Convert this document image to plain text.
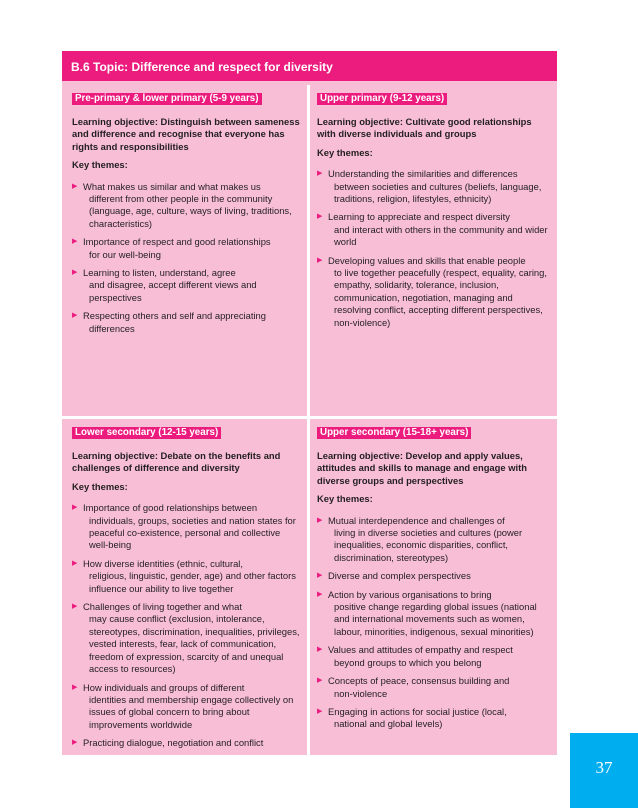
B.6 Topic: Difference and respect for diversity
Pre-primary & lower primary (5-9 years)
Learning objective: Distinguish between sameness and difference and recognise that everyone has rights and responsibilities
Key themes:
▶ What makes us similar and what makes us
different from other people in the community (language, age, culture, ways of living, traditions, characteristics)
▶ Importance of respect and good relationships
for our well-being
▶ Learning to listen, understand, agree
and disagree, accept different views and perspectives
▶ Respecting others and self and appreciating
differences
Upper primary (9-12 years)
Learning objective: Cultivate good relationships with diverse individuals and groups
Key themes:
▶ Understanding the similarities and differences
between societies and cultures (beliefs, language, traditions, religion, lifestyles, ethnicity)
▶ Learning to appreciate and respect diversity
and interact with others in the community and wider world
▶ Developing values and skills that enable people
to live together peacefully (respect, equality, caring, empathy, solidarity, tolerance, inclusion, communication, negotiation, managing and resolving conflict, accepting different perspectives, non-violence)
Lower secondary (12-15 years)
Learning objective: Debate on the benefits and challenges of difference and diversity
Key themes:
▶ Importance of good relationships between
individuals, groups, societies and nation states for peaceful co-existence, personal and collective well-being
▶ How diverse identities (ethnic, cultural,
religious, linguistic, gender, age) and other factors influence our ability to live together
▶ Challenges of living together and what
may cause conflict (exclusion, intolerance, stereotypes, discrimination, inequalities, privileges, vested interests, fear, lack of communication, freedom of expression, scarcity of and unequal access to resources)
▶ How individuals and groups of different
identities and membership engage collectively on issues of global concern to bring about improvements worldwide
▶ Practicing dialogue, negotiation and conflict
Upper secondary (15-18+ years)
Learning objective: Develop and apply values, attitudes and skills to manage and engage with diverse groups and perspectives
Key themes:
▶ Mutual interdependence and challenges of
living in diverse societies and cultures (power inequalities, economic disparities, conflict, discrimination, stereotypes)
▶ Diverse and complex perspectives
▶ Action by various organisations to bring
positive change regarding global issues (national and international movements such as women, labour, minorities, indigenous, sexual minorities)
▶ Values and attitudes of empathy and respect
beyond groups to which you belong
▶ Concepts of peace, consensus building and
non-violence
▶ Engaging in actions for social justice (local,
national and global levels)
37
